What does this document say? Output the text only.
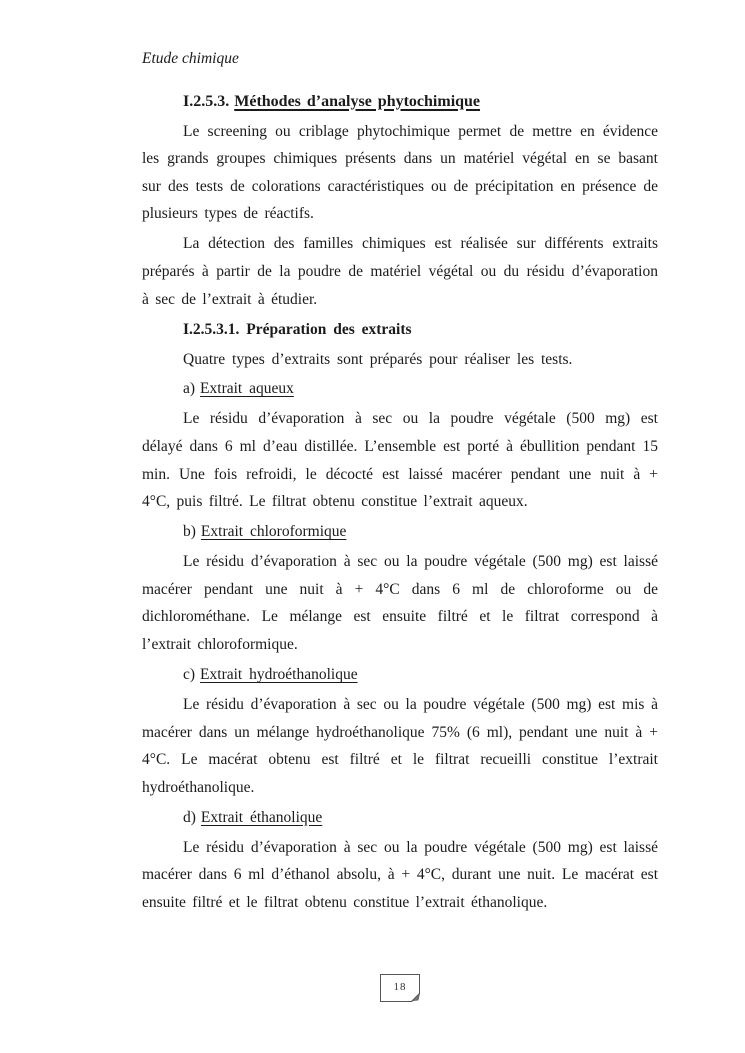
Etude chimique
I.2.5.3. Méthodes d’analyse phytochimique

Le screening ou criblage phytochimique permet de mettre en évidence les grands groupes chimiques présents dans un matériel végétal en se basant sur des tests de colorations caractéristiques ou de précipitation en présence de plusieurs types de réactifs.

La détection des familles chimiques est réalisée sur différents extraits préparés à partir de la poudre de matériel végétal ou du résidu d’évaporation à sec de l’extrait à étudier.

I.2.5.3.1. Préparation des extraits
Quatre types d’extraits sont préparés pour réaliser les tests.
a) Extrait aqueux

Le résidu d’évaporation à sec ou la poudre végétale (500 mg) est délayé dans 6 ml d’eau distillée. L’ensemble est porté à ébullition pendant 15 min. Une fois refroidi, le décocté est laissé macérer pendant une nuit à + 4°C, puis filtré. Le filtrat obtenu constitue l’extrait aqueux.

b) Extrait chloroformique

Le résidu d’évaporation à sec ou la poudre végétale (500 mg) est laissé macérer pendant une nuit à + 4°C dans 6 ml de chloroforme ou de dichlorométhane. Le mélange est ensuite filtré et le filtrat correspond à l’extrait chloroformique.

c) Extrait hydroéthanolique

Le résidu d’évaporation à sec ou la poudre végétale (500 mg) est mis à macérer dans un mélange hydroéthanolique 75% (6 ml), pendant une nuit à + 4°C. Le macérat obtenu est filtré et le filtrat recueilli constitue l’extrait hydroéthanolique.

d) Extrait éthanolique

Le résidu d’évaporation à sec ou la poudre végétale (500 mg) est laissé macérer dans 6 ml d’éthanol absolu, à + 4°C, durant une nuit. Le macérat est ensuite filtré et le filtrat obtenu constitue l’extrait éthanolique.

18
